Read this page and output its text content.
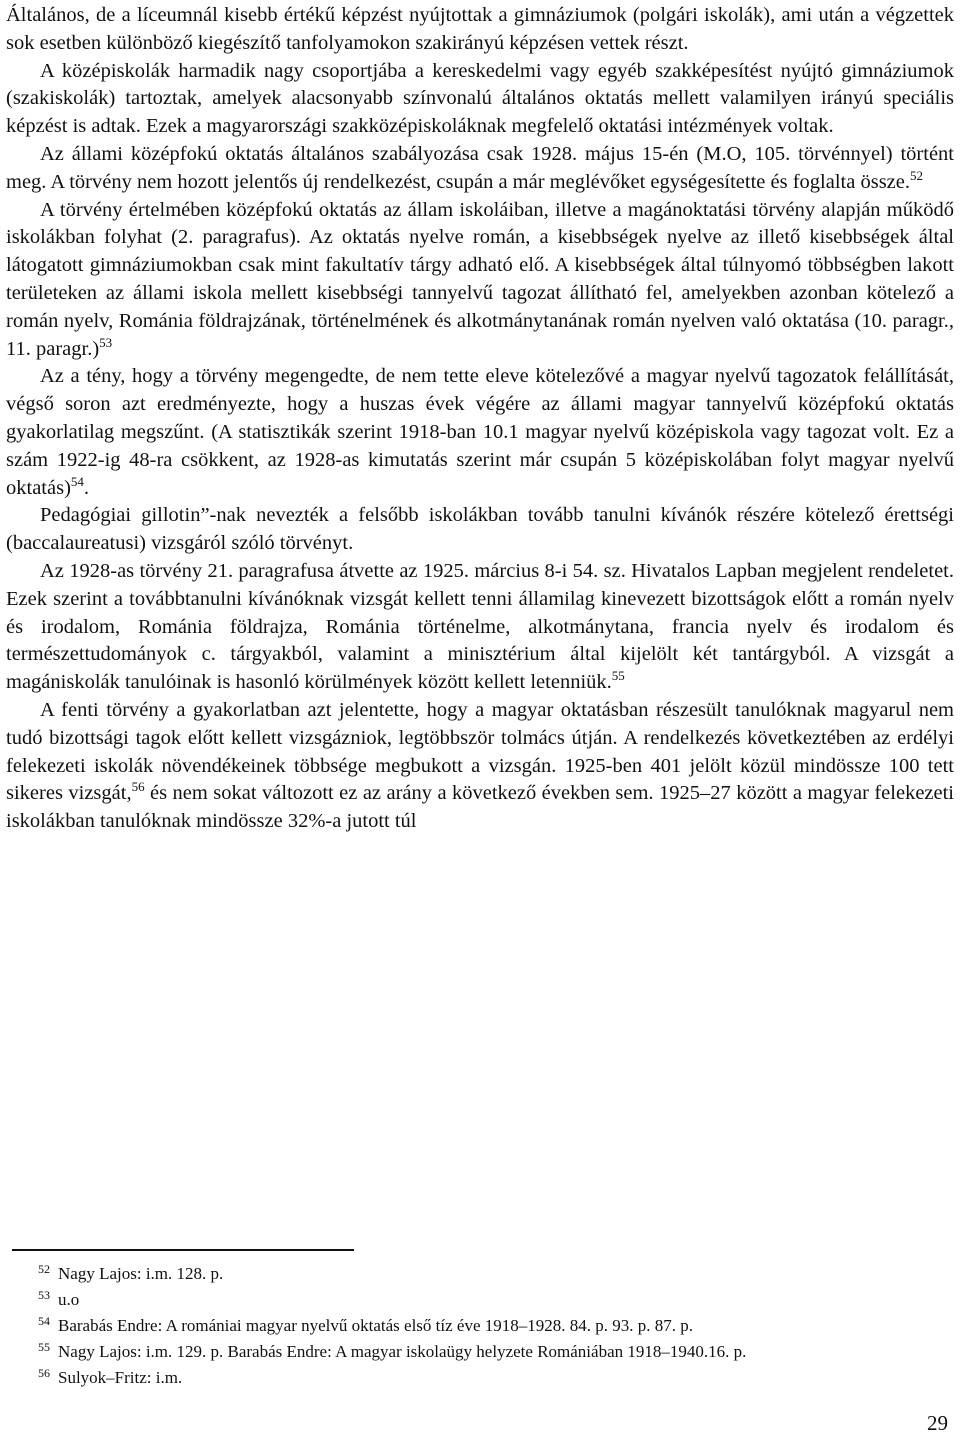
Általános, de a líceumnál kisebb értékű képzést nyújtottak a gimnáziumok (polgári iskolák), ami után a végzettek sok esetben különböző kiegészítő tanfolyamokon szakirányú képzésen vettek részt.

A középiskolák harmadik nagy csoportjába a kereskedelmi vagy egyéb szakképesítést nyújtó gimnáziumok (szakiskolák) tartoztak, amelyek alacsonyabb színvonalú általános oktatás mellett valamilyen irányú speciális képzést is adtak. Ezek a magyarországi szakközépiskoláknak megfelelő oktatási intézmények voltak.

Az állami középfokú oktatás általános szabályozása csak 1928. május 15-én (M.O, 105. törvénnyel) történt meg. A törvény nem hozott jelentős új rendelkezést, csupán a már meglévőket egységesítette és foglalta össze.$^{52}$

A törvény értelmében középfokú oktatás az állam iskoláiban, illetve a magánoktatási törvény alapján működő iskolákban folyhat (2. paragrafus). Az oktatás nyelve román, a kisebbségek nyelve az illető kisebbségek által látogatott gimnáziumokban csak mint fakultatív tárgy adható elő. A kisebbségek által túlnyomó többségben lakott területeken az állami iskola mellett kisebbségi tannyelvű tagozat állítható fel, amelyekben azonban kötelező a román nyelv, Románia földrajzának, történelmének és alkotmánytanának román nyelven való oktatása (10. paragr., 11. paragr.)$^{53}$

Az a tény, hogy a törvény megengedte, de nem tette eleve kötelezővé a magyar nyelvű tagozatok felállítását, végső soron azt eredményezte, hogy a huszas évek végére az állami magyar tannyelvű középfokú oktatás gyakorlatilag megszűnt. (A statisztikák szerint 1918-ban 10.1 magyar nyelvű középiskola vagy tagozat volt. Ez a szám 1922-ig 48-ra csökkent, az 1928-as kimutatás szerint már csupán 5 középiskolában folyt magyar nyelvű oktatás)$^{54}$.

Pedagógiai gillotin”-nak nevezték a felsőbb iskolákban tovább tanulni kívánók részére kötelező érettségi (baccalaureatusi) vizsgáról szóló törvényt.

Az 1928-as törvény 21. paragrafusa átvette az 1925. március 8-i 54. sz. Hivatalos Lapban megjelent rendeletet. Ezek szerint a továbbtanulni kívánóknak vizsgát kellett tenni államilag kinevezett bizottságok előtt a román nyelv és irodalom, Románia földrajza, Románia történelme, alkotmánytana, francia nyelv és irodalom és természettudományok c. tárgyakból, valamint a minisztérium által kijelölt két tantárgyból. A vizsgát a magániskolák tanulóinak is hasonló körülmények között kellett letenniük.$^{55}$

A fenti törvény a gyakorlatban azt jelentette, hogy a magyar oktatásban részesült tanulóknak magyarul nem tudó bizottsági tagok előtt kellett vizsgázniok, legtöbbször tolmács útján. A rendelkezés következtében az erdélyi felekezeti iskolák növendékeinek többsége megbukott a vizsgán. 1925-ben 401 jelölt közül mindössze 100 tett sikeres vizsgát,$^{56}$ és nem sokat változott ez az arány a következő években sem. 1925–27 között a magyar felekezeti iskolákban tanulóknak mindössze 32%-a jutott túl

$^{52}$ Nagy Lajos: i.m. 128. p.
$^{53}$ u.o
$^{54}$ Barabás Endre: A romániai magyar nyelvű oktatás első tíz éve 1918–1928. 84. p. 93. p. 87. p.
$^{55}$ Nagy Lajos: i.m. 129. p. Barabás Endre: A magyar iskolaügy helyzete Romániában 1918–1940.16. p.
$^{56}$ Sulyok–Fritz: i.m.
29
